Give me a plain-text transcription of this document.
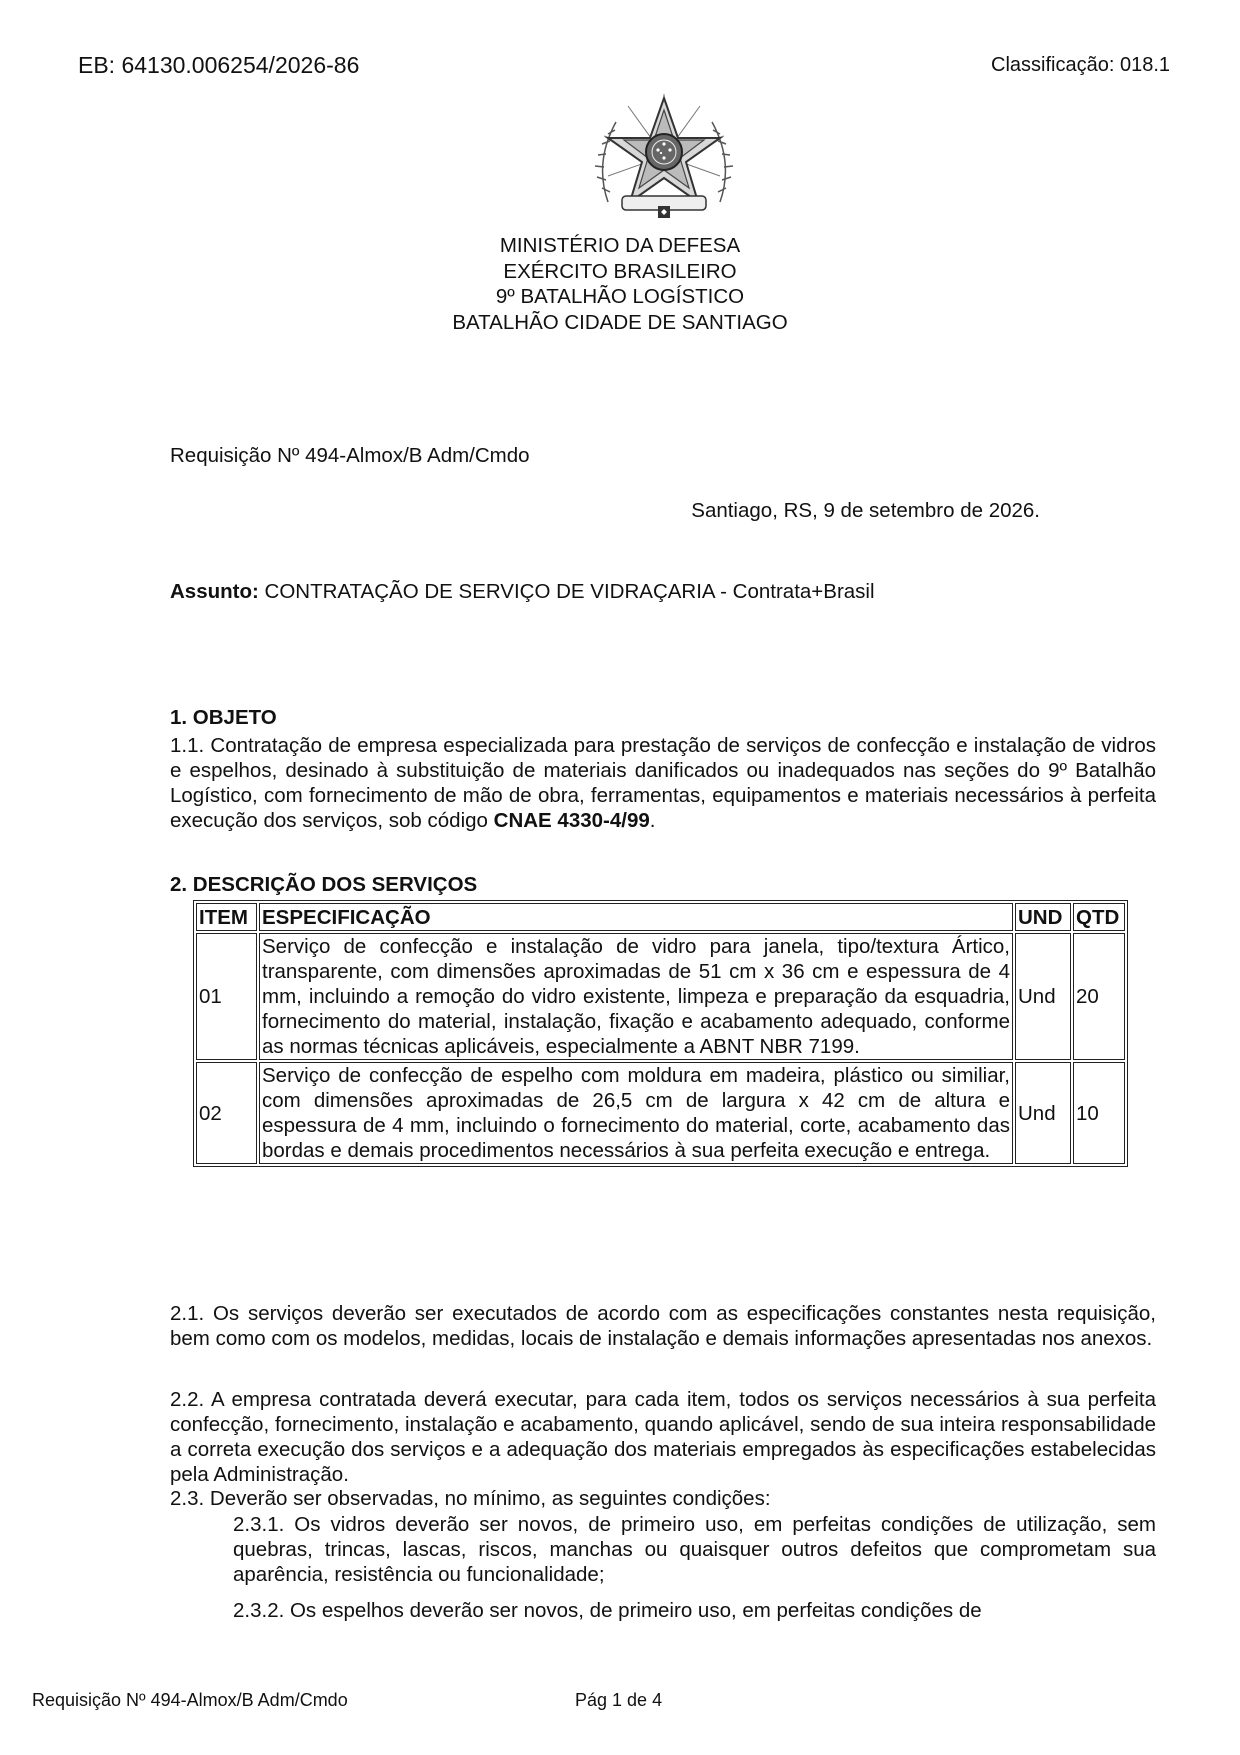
EB: 64130.006254/2026-86	Classificação: 018.1
MINISTÉRIO DA DEFESA
EXÉRCITO BRASILEIRO
9º BATALHÃO LOGÍSTICO
BATALHÃO CIDADE DE SANTIAGO
Requisição Nº 494-Almox/B Adm/Cmdo
Santiago, RS, 9 de setembro de 2026.
Assunto: CONTRATAÇÃO DE SERVIÇO DE VIDRAÇARIA - Contrata+Brasil
1. OBJETO
1.1. Contratação de empresa especializada para prestação de serviços de confecção e instalação de vidros e espelhos, desinado à substituição de materiais danificados ou inadequados nas seções do 9º Batalhão Logístico, com fornecimento de mão de obra, ferramentas, equipamentos e materiais necessários à perfeita execução dos serviços, sob código CNAE 4330-4/99.
2. DESCRIÇÃO DOS SERVIÇOS
ITEM	ESPECIFICAÇÃO	UND	QTD
01	Serviço de confecção e instalação de vidro para janela, tipo/textura Ártico, transparente, com dimensões aproximadas de 51 cm x 36 cm e espessura de 4 mm, incluindo a remoção do vidro existente, limpeza e preparação da esquadria, fornecimento do material, instalação, fixação e acabamento adequado, conforme as normas técnicas aplicáveis, especialmente a ABNT NBR 7199.	Und	20
02	Serviço de confecção de espelho com moldura em madeira, plástico ou similiar, com dimensões aproximadas de 26,5 cm de largura x 42 cm de altura e espessura de 4 mm, incluindo o fornecimento do material, corte, acabamento das bordas e demais procedimentos necessários à sua perfeita execução e entrega.	Und	10
2.1. Os serviços deverão ser executados de acordo com as especificações constantes nesta requisição, bem como com os modelos, medidas, locais de instalação e demais informações apresentadas nos anexos.
2.2. A empresa contratada deverá executar, para cada item, todos os serviços necessários à sua perfeita confecção, fornecimento, instalação e acabamento, quando aplicável, sendo de sua inteira responsabilidade a correta execução dos serviços e a adequação dos materiais empregados às especificações estabelecidas pela Administração.
2.3. Deverão ser observadas, no mínimo, as seguintes condições:
2.3.1. Os vidros deverão ser novos, de primeiro uso, em perfeitas condições de utilização, sem quebras, trincas, lascas, riscos, manchas ou quaisquer outros defeitos que comprometam sua aparência, resistência ou funcionalidade;
2.3.2. Os espelhos deverão ser novos, de primeiro uso, em perfeitas condições de
Requisição Nº 494-Almox/B Adm/Cmdo	Pág 1 de 4
